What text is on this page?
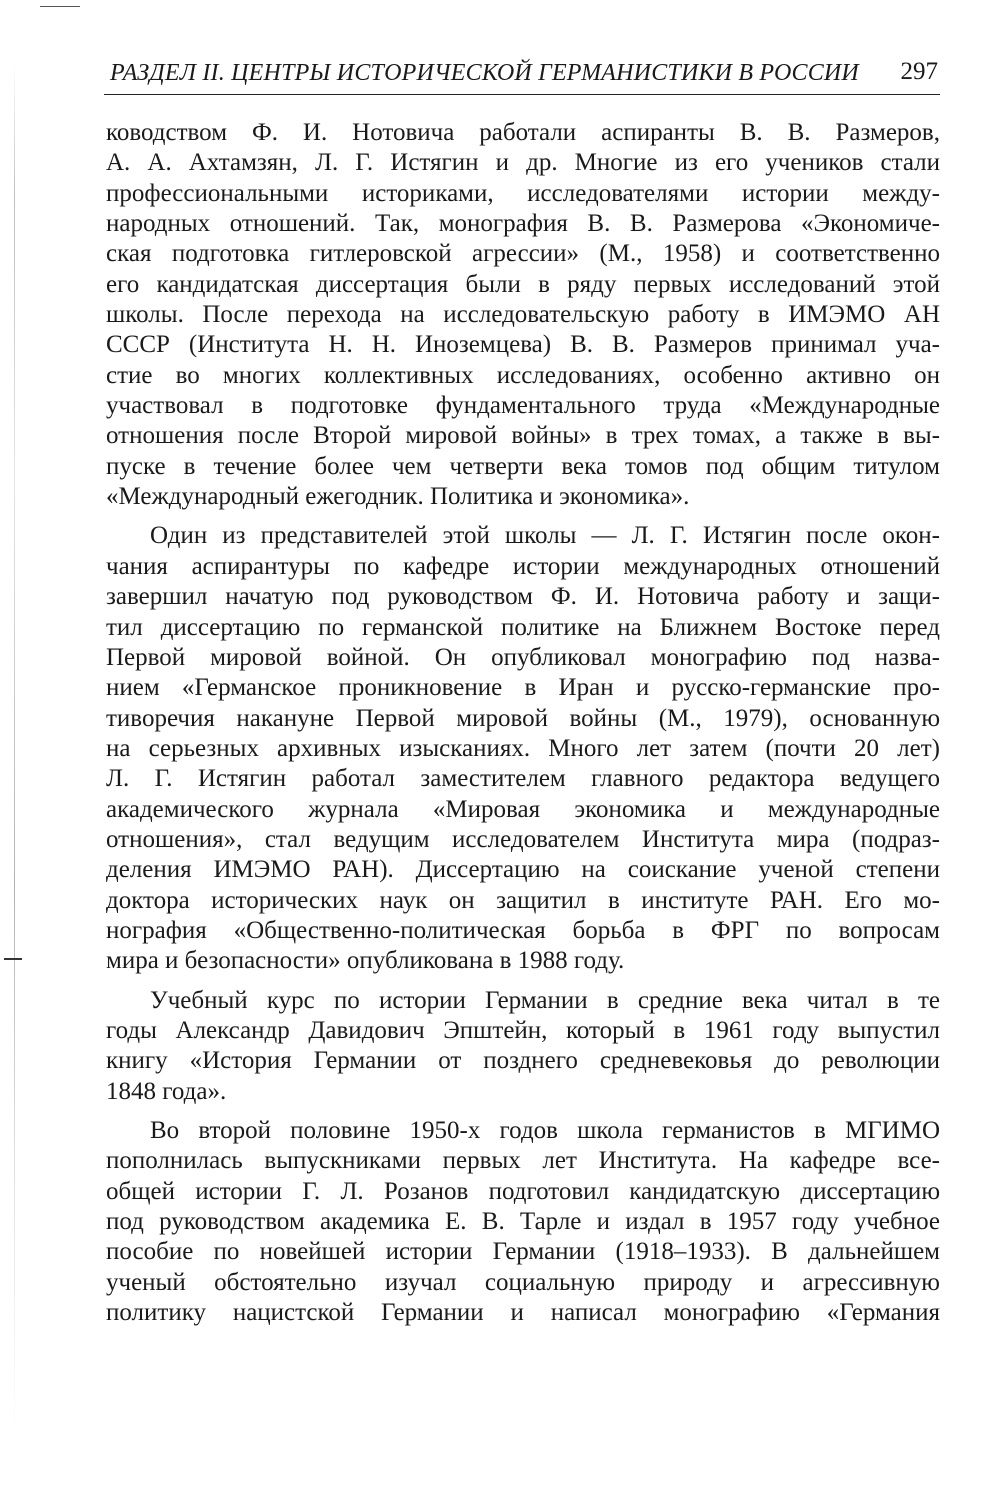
РАЗДЕЛ II. ЦЕНТРЫ ИСТОРИЧЕСКОЙ ГЕРМАНИСТИКИ В РОССИИ 297
ководством Ф. И. Нотовича работали аспиранты В. В. Размеров,
А. А. Ахтамзян, Л. Г. Истягин и др. Многие из его учеников стали
профессиональными историками, исследователями истории между-
народных отношений. Так, монография В. В. Размерова «Экономиче-
ская подготовка гитлеровской агрессии» (М., 1958) и соответственно
его кандидатская диссертация были в ряду первых исследований этой
школы. После перехода на исследовательскую работу в ИМЭМО АН
СССР (Института Н. Н. Иноземцева) В. В. Размеров принимал уча-
стие во многих коллективных исследованиях, особенно активно он
участвовал в подготовке фундаментального труда «Международные
отношения после Второй мировой войны» в трех томах, а также в вы-
пуске в течение более чем четверти века томов под общим титулом
«Международный ежегодник. Политика и экономика».
Один из представителей этой школы — Л. Г. Истягин после окон-
чания аспирантуры по кафедре истории международных отношений
завершил начатую под руководством Ф. И. Нотовича работу и защи-
тил диссертацию по германской политике на Ближнем Востоке перед
Первой мировой войной. Он опубликовал монографию под назва-
нием «Германское проникновение в Иран и русско-германские про-
тиворечия накануне Первой мировой войны (М., 1979), основанную
на серьезных архивных изысканиях. Много лет затем (почти 20 лет)
Л. Г. Истягин работал заместителем главного редактора ведущего
академического журнала «Мировая экономика и международные
отношения», стал ведущим исследователем Института мира (подраз-
деления ИМЭМО РАН). Диссертацию на соискание ученой степени
доктора исторических наук он защитил в институте РАН. Его мо-
нография «Общественно-политическая борьба в ФРГ по вопросам
мира и безопасности» опубликована в 1988 году.
Учебный курс по истории Германии в средние века читал в те
годы Александр Давидович Эпштейн, который в 1961 году выпустил
книгу «История Германии от позднего средневековья до революции
1848 года».
Во второй половине 1950-х годов школа германистов в МГИМО
пополнилась выпускниками первых лет Института. На кафедре все-
общей истории Г. Л. Розанов подготовил кандидатскую диссертацию
под руководством академика Е. В. Тарле и издал в 1957 году учебное
пособие по новейшей истории Германии (1918–1933). В дальнейшем
ученый обстоятельно изучал социальную природу и агрессивную
политику нацистской Германии и написал монографию «Германия
